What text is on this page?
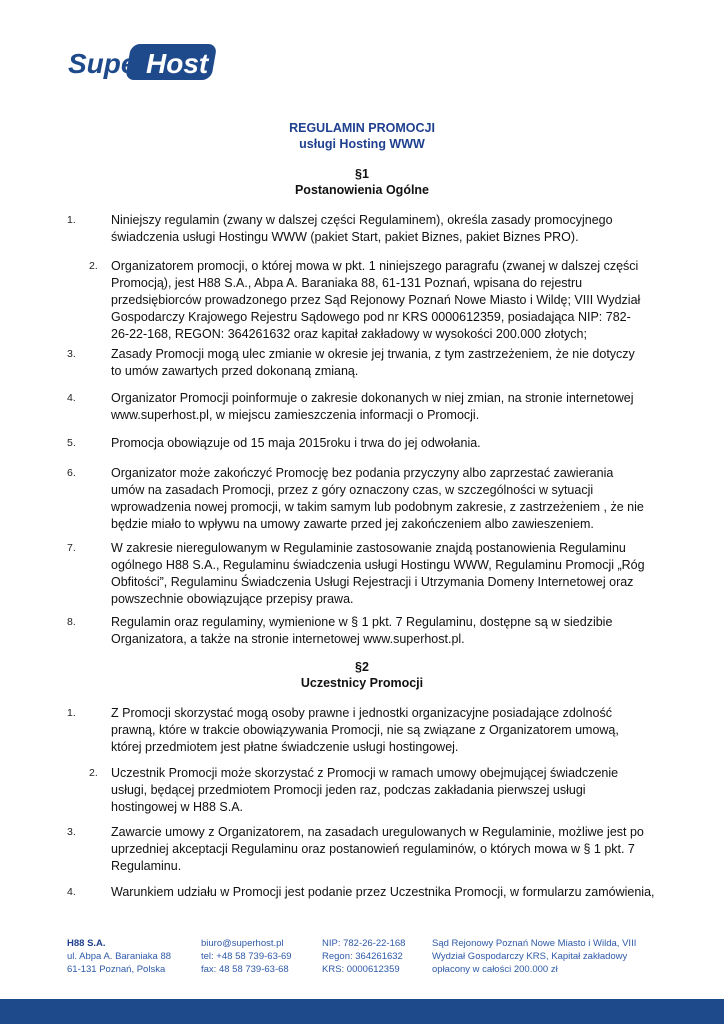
Super
Host
REGULAMIN PROMOCJI
usługi Hosting WWW
§1
Postanowienia Ogólne
1.	Niniejszy regulamin (zwany w dalszej części Regulaminem), określa zasady promocyjnego świadczenia usługi Hostingu WWW (pakiet Start, pakiet Biznes, pakiet Biznes PRO).

2. Organizatorem promocji, o której mowa w pkt. 1 niniejszego paragrafu (zwanej w dalszej części Promocją), jest H88 S.A., Abpa A. Baraniaka 88, 61-131 Poznań, wpisana do rejestru przedsiębiorców prowadzonego przez Sąd Rejonowy Poznań Nowe Miasto i Wildę; VIII Wydział Gospodarczy Krajowego Rejestru Sądowego pod nr KRS 0000612359, posiadająca NIP: 782-26-22-168, REGON: 364261632 oraz kapitał zakładowy w wysokości 200.000 złotych;

3.	Zasady Promocji mogą ulec zmianie w okresie jej trwania, z tym zastrzeżeniem, że nie dotyczy to umów zawartych przed dokonaną zmianą.

4.	Organizator Promocji poinformuje o zakresie dokonanych w niej zmian, na stronie internetowej www.superhost.pl, w miejscu zamieszczenia informacji o Promocji.

5.	Promocja obowiązuje od 15 maja 2015roku i trwa do jej odwołania.

6.	Organizator może zakończyć Promocję bez podania przyczyny albo zaprzestać zawierania umów na zasadach Promocji, przez z góry oznaczony czas, w szczególności w sytuacji wprowadzenia nowej promocji, w takim samym lub podobnym zakresie, z zastrzeżeniem , że nie będzie miało to wpływu na umowy zawarte przed jej zakończeniem albo zawieszeniem.

7.	W zakresie nieregulowanym w Regulaminie zastosowanie znajdą postanowienia Regulaminu ogólnego H88 S.A., Regulaminu świadczenia usługi Hostingu WWW, Regulaminu Promocji „Róg Obfitości”, Regulaminu Świadczenia Usługi Rejestracji i Utrzymania Domeny Internetowej oraz powszechnie obowiązujące przepisy prawa.

8.	Regulamin oraz regulaminy, wymienione w § 1 pkt. 7 Regulaminu, dostępne są w siedzibie Organizatora, a także na stronie internetowej www.superhost.pl.

§2
Uczestnicy Promocji
1.	Z Promocji skorzystać mogą osoby prawne i jednostki organizacyjne posiadające zdolność prawną, które w trakcie obowiązywania Promocji, nie są związane z Organizatorem umową, której przedmiotem jest płatne świadczenie usługi hostingowej.

2. Uczestnik Promocji może skorzystać z Promocji w ramach umowy obejmującej świadczenie usługi, będącej przedmiotem Promocji jeden raz, podczas zakładania pierwszej usługi hostingowej w H88 S.A.

3.	Zawarcie umowy z Organizatorem, na zasadach uregulowanych w Regulaminie, możliwe jest po uprzedniej akceptacji Regulaminu oraz postanowień regulaminów, o których mowa w § 1 pkt. 7 Regulaminu.

4.	Warunkiem udziału w Promocji jest podanie przez Uczestnika Promocji, w formularzu zamówienia,

H88 S.A.
ul. Abpa A. Baraniaka 88
61-131 Poznań, Polska
biuro@superhost.pl
tel: +48 58 739-63-69
fax: 48 58 739-63-68
NIP: 782-26-22-168
Regon: 364261632
KRS: 0000612359
Sąd Rejonowy Poznań Nowe Miasto i Wilda, VIII
Wydział Gospodarczy KRS, Kapitał zakładowy
opłacony w całości 200.000 zł
